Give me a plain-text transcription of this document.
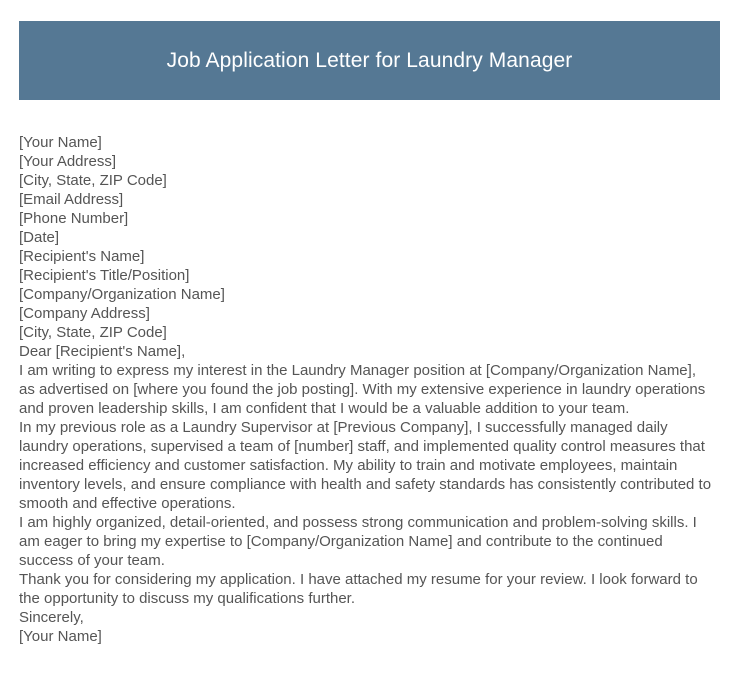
Job Application Letter for Laundry Manager
[Your Name]
[Your Address]
[City, State, ZIP Code]
[Email Address]
[Phone Number]
[Date]
[Recipient's Name]
[Recipient's Title/Position]
[Company/Organization Name]
[Company Address]
[City, State, ZIP Code]
Dear [Recipient's Name],

I am writing to express my interest in the Laundry Manager position at [Company/Organization Name], as advertised on [where you found the job posting]. With my extensive experience in laundry operations and proven leadership skills, I am confident that I would be a valuable addition to your team.

In my previous role as a Laundry Supervisor at [Previous Company], I successfully managed daily laundry operations, supervised a team of [number] staff, and implemented quality control measures that increased efficiency and customer satisfaction. My ability to train and motivate employees, maintain inventory levels, and ensure compliance with health and safety standards has consistently contributed to smooth and effective operations.

I am highly organized, detail-oriented, and possess strong communication and problem-solving skills. I am eager to bring my expertise to [Company/Organization Name] and contribute to the continued success of your team.

Thank you for considering my application. I have attached my resume for your review. I look forward to the opportunity to discuss my qualifications further.

Sincerely,
[Your Name]
